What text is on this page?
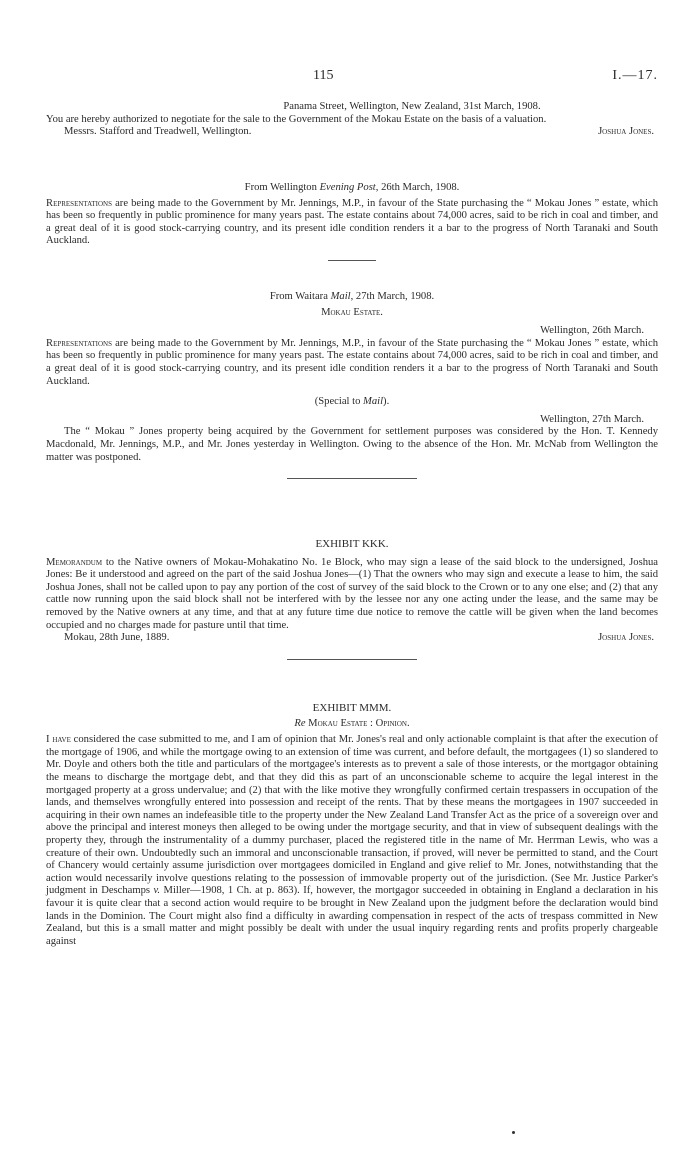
115	I.—17.

Panama Street, Wellington, New Zealand, 31st March, 1908.

You are hereby authorized to negotiate for the sale to the Government of the Mokau Estate on the basis of a valuation.

Messrs. Stafford and Treadwell, Wellington.	Joshua Jones.

From Wellington Evening Post, 26th March, 1908.

Representations are being made to the Government by Mr. Jennings, M.P., in favour of the State purchasing the “ Mokau Jones ” estate, which has been so frequently in public prominence for many years past. The estate contains about 74,000 acres, said to be rich in coal and timber, and a great deal of it is good stock-carrying country, and its present idle condition renders it a bar to the progress of North Taranaki and South Auckland.

From Waitara Mail, 27th March, 1908.

Mokau Estate.

Wellington, 26th March.

Representations are being made to the Government by Mr. Jennings, M.P., in favour of the State purchasing the “ Mokau Jones ” estate, which has been so frequently in public prominence for many years past. The estate contains about 74,000 acres, said to be rich in coal and timber, and a great deal of it is good stock-carrying country, and its present idle condition renders it a bar to the progress of North Taranaki and South Auckland.

(Special to Mail).

Wellington, 27th March.

The “ Mokau ” Jones property being acquired by the Government for settlement purposes was considered by the Hon. T. Kennedy Macdonald, Mr. Jennings, M.P., and Mr. Jones yesterday in Wellington. Owing to the absence of the Hon. Mr. McNab from Wellington the matter was postponed.

EXHIBIT KKK.

Memorandum to the Native owners of Mokau-Mohakatino No. 1e Block, who may sign a lease of the said block to the undersigned, Joshua Jones: Be it understood and agreed on the part of the said Joshua Jones—(1) That the owners who may sign and execute a lease to him, the said Joshua Jones, shall not be called upon to pay any portion of the cost of survey of the said block to the Crown or to any one else; and (2) that any cattle now running upon the said block shall not be interfered with by the lessee nor any one acting under the lease, and the same may be removed by the Native owners at any time, and that at any future time due notice to remove the cattle will be given when the land becomes occupied and no charges made for pasture until that time.

Mokau, 28th June, 1889.	Joshua Jones.

EXHIBIT MMM.

Re Mokau Estate : Opinion.

I have considered the case submitted to me, and I am of opinion that Mr. Jones's real and only actionable complaint is that after the execution of the mortgage of 1906, and while the mortgage owing to an extension of time was current, and before default, the mortgagees (1) so slandered to Mr. Doyle and others both the title and particulars of the mortgagee's interests as to prevent a sale of those interests, or the mortgagor obtaining the means to discharge the mortgage debt, and that they did this as part of an unconscionable scheme to acquire the legal interest in the mortgaged property at a gross undervalue; and (2) that with the like motive they wrongfully confirmed certain trespassers in occupation of the lands, and themselves wrongfully entered into possession and receipt of the rents. That by these means the mortgagees in 1907 succeeded in acquiring in their own names an indefeasible title to the property under the New Zealand Land Transfer Act as the price of a sovereign over and above the principal and interest moneys then alleged to be owing under the mortgage security, and that in view of subsequent dealings with the property they, through the instrumentality of a dummy purchaser, placed the registered title in the name of Mr. Herrman Lewis, who was a creature of their own. Undoubtedly such an immoral and unconscionable transaction, if proved, will never be permitted to stand, and the Court of Chancery would certainly assume jurisdiction over mortgagees domiciled in England and give relief to Mr. Jones, notwithstanding that the action would necessarily involve questions relating to the possession of immovable property out of the jurisdiction. (See Mr. Justice Parker's judgment in Deschamps v. Miller—1908, 1 Ch. at p. 863). If, however, the mortgagor succeeded in obtaining in England a declaration in his favour it is quite clear that a second action would require to be brought in New Zealand upon the judgment before the declaration would bind lands in the Dominion. The Court might also find a difficulty in awarding compensation in respect of the acts of trespass committed in New Zealand, but this is a small matter and might possibly be dealt with under the usual inquiry regarding rents and profits properly chargeable against
